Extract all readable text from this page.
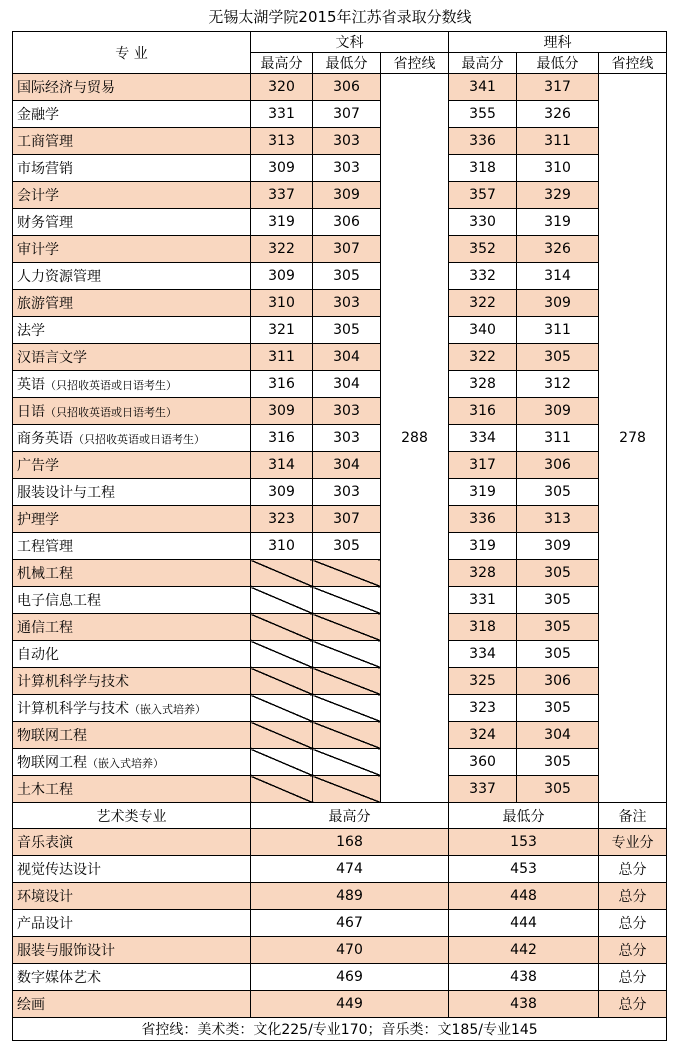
无锡太湖学院2015年江苏省录取分数线
专 业	文科			理科		
	最高分	最低分	省控线	最高分	最低分	省控线
国际经济与贸易	320	306	288	341	317	278
金融学	331	307		355	326	
工商管理	313	303		336	311	
市场营销	309	303		318	310	
会计学	337	309		357	329	
财务管理	319	306		330	319	
审计学	322	307		352	326	
人力资源管理	309	305		332	314	
旅游管理	310	303		322	309	
法学	321	305		340	311	
汉语言文学	311	304		322	305	
英语（只招收英语或日语考生）	316	304		328	312	
日语（只招收英语或日语考生）	309	303		316	309	
商务英语（只招收英语或日语考生）	316	303		334	311	
广告学	314	304		317	306	
服装设计与工程	309	303		319	305	
护理学	323	307		336	313	
工程管理	310	305		319	309	
机械工程				328	305	
电子信息工程				331	305	
通信工程				318	305	
自动化				334	305	
计算机科学与技术				325	306	
计算机科学与技术（嵌入式培养）				323	305	
物联网工程				324	304	
物联网工程（嵌入式培养）				360	305	
土木工程				337	305	
艺术类专业	最高分			最低分		备注
音乐表演	168			153		专业分
视觉传达设计	474			453		总分
环境设计	489			448		总分
产品设计	467			444		总分
服装与服饰设计	470			442		总分
数字媒体艺术	469			438		总分
绘画	449			438		总分
省控线：美术类：文化225/专业170；音乐类：文185/专业145						
